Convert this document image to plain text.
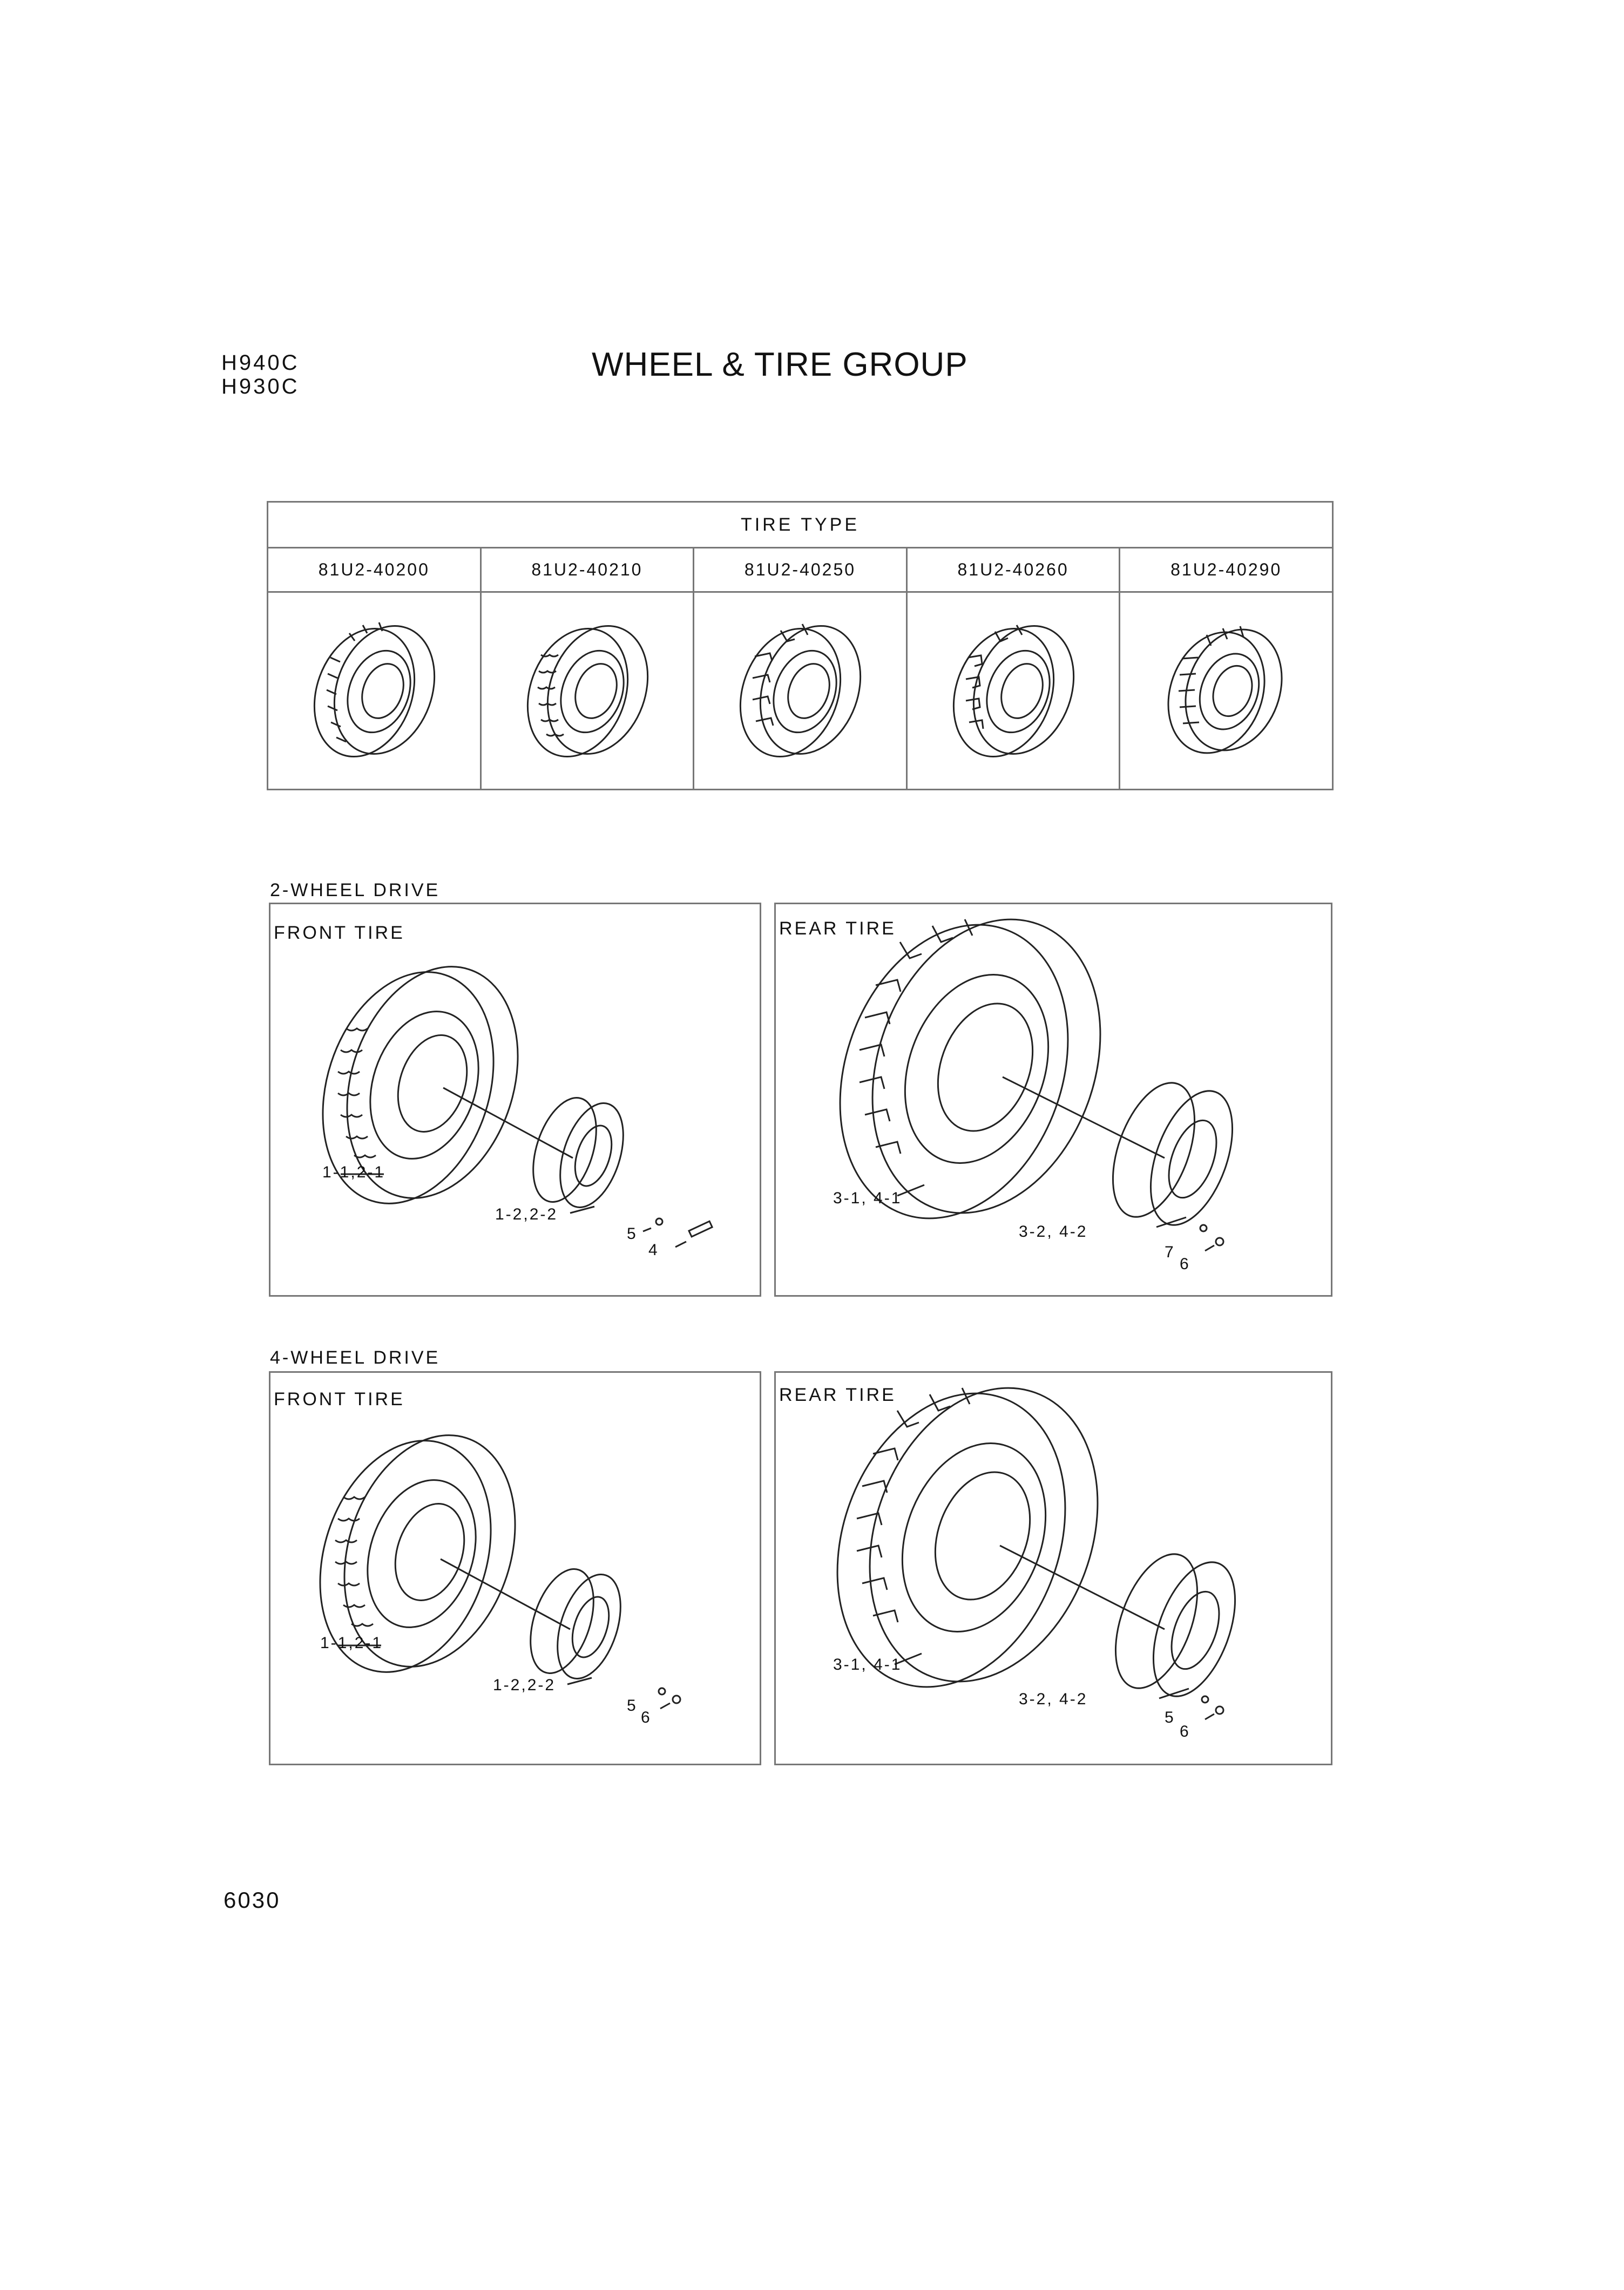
H940C
H930C
WHEEL & TIRE GROUP
TIRE TYPE
81U2-40200	81U2-40210	81U2-40250	81U2-40260	81U2-40290
2-WHEEL DRIVE
FRONT TIRE
1-1,2-1
1-2,2-2
5
4
REAR TIRE
3-1, 4-1
3-2, 4-2
7
6
4-WHEEL DRIVE
FRONT TIRE
1-1,2-1
1-2,2-2
5
6
REAR TIRE
3-1, 4-1
3-2, 4-2
5
6
6030
